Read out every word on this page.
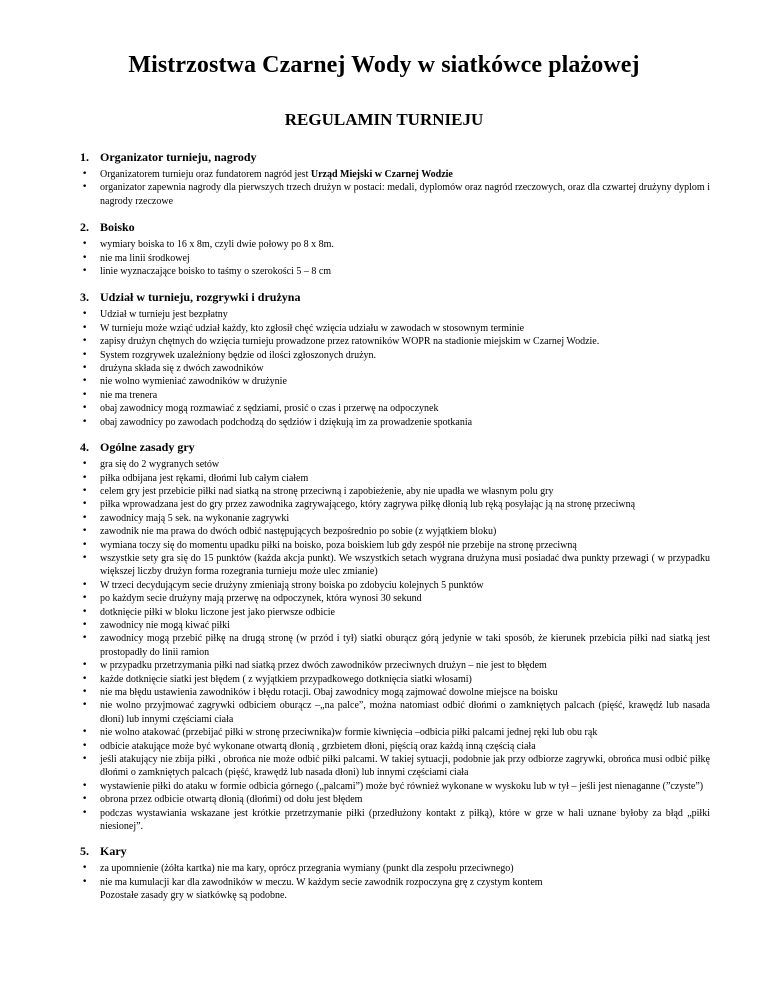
Mistrzostwa Czarnej Wody w siatkówce plażowej
REGULAMIN TURNIEJU
1. Organizator turnieju, nagrody
• Organizatorem turnieju oraz fundatorem nagród jest Urząd Miejski w Czarnej Wodzie
• organizator zapewnia nagrody dla pierwszych trzech drużyn w postaci: medali, dyplomów oraz nagród rzeczowych, oraz dla czwartej drużyny dyplom i nagrody rzeczowe
2. Boisko
• wymiary boiska to 16 x 8m, czyli dwie połowy po 8 x 8m.
• nie ma linii środkowej
• linie wyznaczające boisko to taśmy o szerokości 5 – 8 cm
3. Udział w turnieju, rozgrywki i drużyna
• Udział w turnieju jest bezpłatny
• W turnieju może wziąć udział każdy, kto zgłosił chęć wzięcia udziału w zawodach w stosownym terminie
• zapisy drużyn chętnych do wzięcia turnieju prowadzone przez ratowników WOPR na stadionie miejskim w Czarnej Wodzie.
• System rozgrywek uzależniony będzie od ilości zgłoszonych drużyn.
• drużyna składa się z dwóch zawodników
• nie wolno wymieniać zawodników w drużynie
• nie ma trenera
• obaj zawodnicy mogą rozmawiać z sędziami, prosić o czas i przerwę na odpoczynek
• obaj zawodnicy po zawodach podchodzą do sędziów i dziękują im za prowadzenie spotkania
4. Ogólne zasady gry
• gra się do 2 wygranych setów
• piłka odbijana jest rękami, dłońmi lub całym ciałem
• celem gry jest przebicie piłki nad siatką na stronę przeciwną i zapobieżenie, aby nie upadła we własnym polu gry
• piłka wprowadzana jest do gry przez zawodnika zagrywającego, który zagrywa piłkę dłonią lub ręką posyłając ją na stronę przeciwną
• zawodnicy mają 5 sek. na wykonanie zagrywki
• zawodnik nie ma prawa do dwóch odbić następujących bezpośrednio po sobie (z wyjątkiem bloku)
• wymiana toczy się do momentu upadku piłki na boisko, poza boiskiem lub gdy zespół nie przebije na stronę przeciwną
• wszystkie sety gra się do 15 punktów (każda akcja punkt). We wszystkich setach wygrana drużyna musi posiadać dwa punkty przewagi ( w przypadku większej liczby drużyn forma rozegrania turnieju może ulec zmianie)
• W trzeci decydującym secie drużyny zmieniają strony boiska po zdobyciu kolejnych 5 punktów
• po każdym secie drużyny mają przerwę na odpoczynek, która wynosi 30 sekund
• dotknięcie piłki w bloku liczone jest jako pierwsze odbicie
• zawodnicy nie mogą kiwać piłki
• zawodnicy mogą przebić piłkę na drugą stronę (w przód i tył) siatki oburącz górą jedynie w taki sposób, że kierunek przebicia piłki nad siatką jest prostopadły do linii ramion
• w przypadku przetrzymania piłki nad siatką przez dwóch zawodników przeciwnych drużyn – nie jest to błędem
• każde dotknięcie siatki jest błędem ( z wyjątkiem przypadkowego dotknięcia siatki włosami)
• nie ma błędu ustawienia zawodników i błędu rotacji. Obaj zawodnicy mogą zajmować dowolne miejsce na boisku
• nie wolno przyjmować zagrywki odbiciem oburącz –„na palce”, można natomiast odbić dłońmi o zamkniętych palcach (pięść, krawędź lub nasada dłoni) lub innymi częściami ciała
• nie wolno atakować (przebijać piłki w stronę przeciwnika)w formie kiwnięcia –odbicia piłki palcami jednej ręki lub obu rąk
• odbicie atakujące może być wykonane otwartą dłonią , grzbietem dłoni, pięścią oraz każdą inną częścią ciała
• jeśli atakujący nie zbija piłki , obrońca nie może odbić piłki palcami. W takiej sytuacji, podobnie jak przy odbiorze zagrywki, obrońca musi odbić piłkę dłońmi o zamkniętych palcach (pięść, krawędź lub nasada dłoni) lub innymi częściami ciała
• wystawienie piłki do ataku w formie odbicia górnego („palcami”) może być również wykonane w wyskoku lub w tył – jeśli jest nienaganne (”czyste”)
• obrona przez odbicie otwartą dłonią (dłońmi) od dołu jest błędem
• podczas wystawiania wskazane jest krótkie przetrzymanie piłki (przedłużony kontakt z piłką), które w grze w hali uznane byłoby za błąd „piłki niesionej”.
5. Kary
• za upomnienie (żółta kartka) nie ma kary, oprócz przegrania wymiany (punkt dla zespołu przeciwnego)
• nie ma kumulacji kar dla zawodników w meczu. W każdym secie zawodnik rozpoczyna grę z czystym kontem
Pozostałe zasady gry w siatkówkę są podobne.
